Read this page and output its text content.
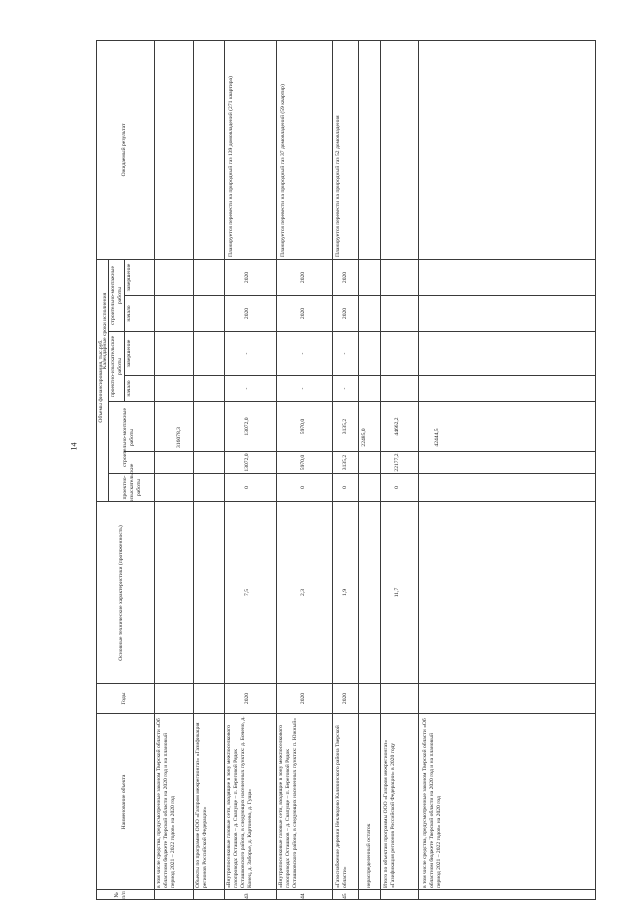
14
№ п/п
Наименование объекта
Годы
Основные технические характеристики (протяженность)
Объемы финансирования, тыс.руб.
проектно-изыскательские работы
строительно-монтажные работы
Календарные сроки исполнения проектно-изыскательские работы
строительно-монтажные работы
начало
завершение
начало
завершение
Ожидаемый результат
в том числе средства, предусмотренные законом Тверской области «Об областном бюджете Тверской области на 2020 год и на плановый период 2021 – 2022 годов» на 2020 год
316078,3
Объекты по программе ООО «Газпром межрегионгаз» «Газификация регионов Российской Федерации»
43
«Внутрипоселковые газовые сети, входящие в зону межпоселкового газопровода: Осташков – д. Свапуще – п. Береговой Рядок Осташковского района, в следующих населенных пунктах: д. Бочено, д. Конец, д. Заборье, д. Картонево, д. Гуща»
2020
7,5
0
13072,0
13072,0
-
-
2020
2020
Планируется перевести на природный газ 139 домовладений (271 квартира)
44
«Внутрипоселковые газовые сети, входящие в зону межпоселкового газопровода: Осташков – д. Свапуще – п. Береговой Рядок Осташковского района, в следующих населенных пунктах: п. Южный»
2020
2,3
0
5970,0
5970,0
-
-
2020
2020
Планируется перевести на природный газ 37 домовладений (59 квартир)
45
«Газоснабжение деревни Неклюдово Калязинского района Тверской области»
2020
1,9
0
3135,2
3135,2
-
-
2020
2020
Планируется перевести на природный газ 52 домовладения
нераспределенный остаток
22485,0
Итого по объектам программы ООО «Газпром межрегионгаз» «Газификация регионов Российской Федерации» в 2020 году
11,7
0
22177,2
44662,2
в том числе средства, предусмотренные законом Тверской области «Об областном бюджете Тверской области на 2020 год и на плановый период 2021 – 2022 годов» на 2020 год
42444,5
